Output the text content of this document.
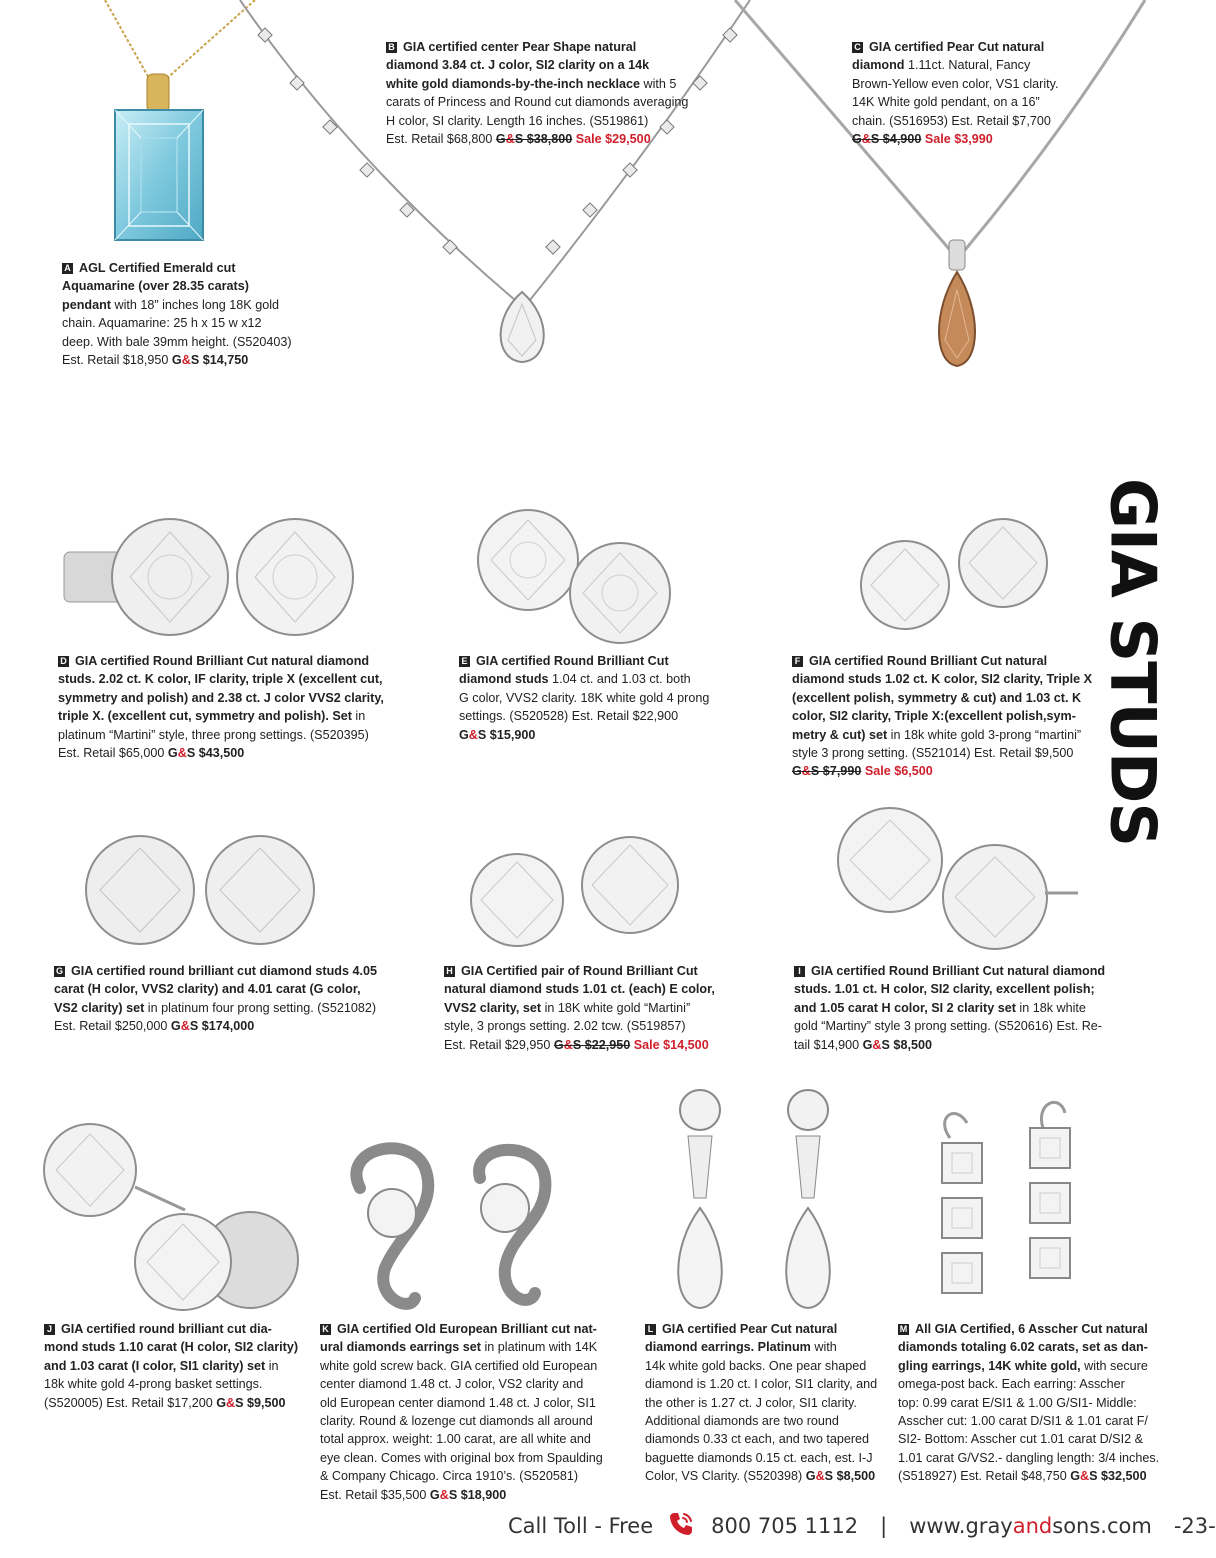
GIA STUDS

A AGL Certified Emerald cut

Aquamarine (over 28.35 carats)

pendant with 18” inches long 18K gold

chain. Aquamarine: 25 h x 15 w x12

deep. With bale 39mm height. (S520403)

Est. Retail $18,950 G&S $14,750

B GIA certified center Pear Shape natural

diamond 3.84 ct. J color, SI2 clarity on a 14k

white gold diamonds-by-the-inch necklace with 5

carats of Princess and Round cut diamonds averaging

H color, SI clarity. Length 16 inches. (S519861)

Est. Retail $68,800 G&S $38,800 Sale $29,500

C GIA certified Pear Cut natural

diamond 1.11ct. Natural, Fancy

Brown-Yellow even color, VS1 clarity.

14K White gold pendant, on a 16”

chain. (S516953) Est. Retail $7,700

G&S $4,900 Sale $3,990

D GIA certified Round Brilliant Cut natural diamond

studs. 2.02 ct. K color, IF clarity, triple X (excellent cut,

symmetry and polish) and 2.38 ct. J color VVS2 clarity,

triple X. (excellent cut, symmetry and polish). Set in

platinum “Martini” style, three prong settings. (S520395)

Est. Retail $65,000 G&S $43,500

E GIA certified Round Brilliant Cut

diamond studs 1.04 ct. and 1.03 ct. both

G color, VVS2 clarity. 18K white gold 4 prong

settings. (S520528) Est. Retail $22,900

G&S $15,900

F GIA certified Round Brilliant Cut natural

diamond studs 1.02 ct. K color, SI2 clarity, Triple X

(excellent polish, symmetry & cut) and 1.03 ct. K

color, SI2 clarity, Triple X:(excellent polish,sym-

metry & cut) set in 18k white gold 3-prong “martini”

style 3 prong setting. (S521014) Est. Retail $9,500

G&S $7,990 Sale $6,500

G GIA certified round brilliant cut diamond studs 4.05

carat (H color, VVS2 clarity) and 4.01 carat (G color,

VS2 clarity) set in platinum four prong setting. (S521082)

Est. Retail $250,000 G&S $174,000

H GIA Certified pair of Round Brilliant Cut

natural diamond studs 1.01 ct. (each) E color,

VVS2 clarity, set in 18K white gold “Martini”

style, 3 prongs setting. 2.02 tcw. (S519857)

Est. Retail $29,950 G&S $22,950 Sale $14,500

I GIA certified Round Brilliant Cut natural diamond

studs. 1.01 ct. H color, SI2 clarity, excellent polish;

and 1.05 carat H color, SI 2 clarity set in 18k white

gold “Martiny” style 3 prong setting. (S520616) Est. Re-

tail $14,900 G&S $8,500

J GIA certified round brilliant cut dia-

mond studs 1.10 carat (H color, SI2 clarity)

and 1.03 carat (I color, SI1 clarity) set in

18k white gold 4-prong basket settings.

(S520005) Est. Retail $17,200 G&S $9,500

K GIA certified Old European Brilliant cut nat-

ural diamonds earrings set in platinum with 14K

white gold screw back. GIA certified old European

center diamond 1.48 ct. J color, VS2 clarity and

old European center diamond 1.48 ct. J color, SI1

clarity. Round & lozenge cut diamonds all around

total approx. weight: 1.00 carat, are all white and

eye clean. Comes with original box from Spaulding

& Company Chicago. Circa 1910’s. (S520581)

Est. Retail $35,500 G&S $18,900

L GIA certified Pear Cut natural

diamond earrings. Platinum with

14k white gold backs. One pear shaped

diamond is 1.20 ct. I color, SI1 clarity, and

the other is 1.27 ct. J color, SI1 clarity.

Additional diamonds are two round

diamonds 0.33 ct each, and two tapered

baguette diamonds 0.15 ct. each, est. I-J

Color, VS Clarity. (S520398) G&S $8,500

M All GIA Certified, 6 Asscher Cut natural

diamonds totaling 6.02 carats, set as dan-

gling earrings, 14K white gold, with secure

omega-post back. Each earring: Asscher

top: 0.99 carat E/SI1 & 1.00 G/SI1- Middle:

Asscher cut: 1.00 carat D/SI1 & 1.01 carat F/

SI2- Bottom: Asscher cut 1.01 carat D/SI2 &

1.01 carat G/VS2.- dangling length: 3/4 inches.

(S518927) Est. Retail $48,750 G&S $32,500

Call Toll - Free	800 705 1112 | www.grayandsons.com -23-
